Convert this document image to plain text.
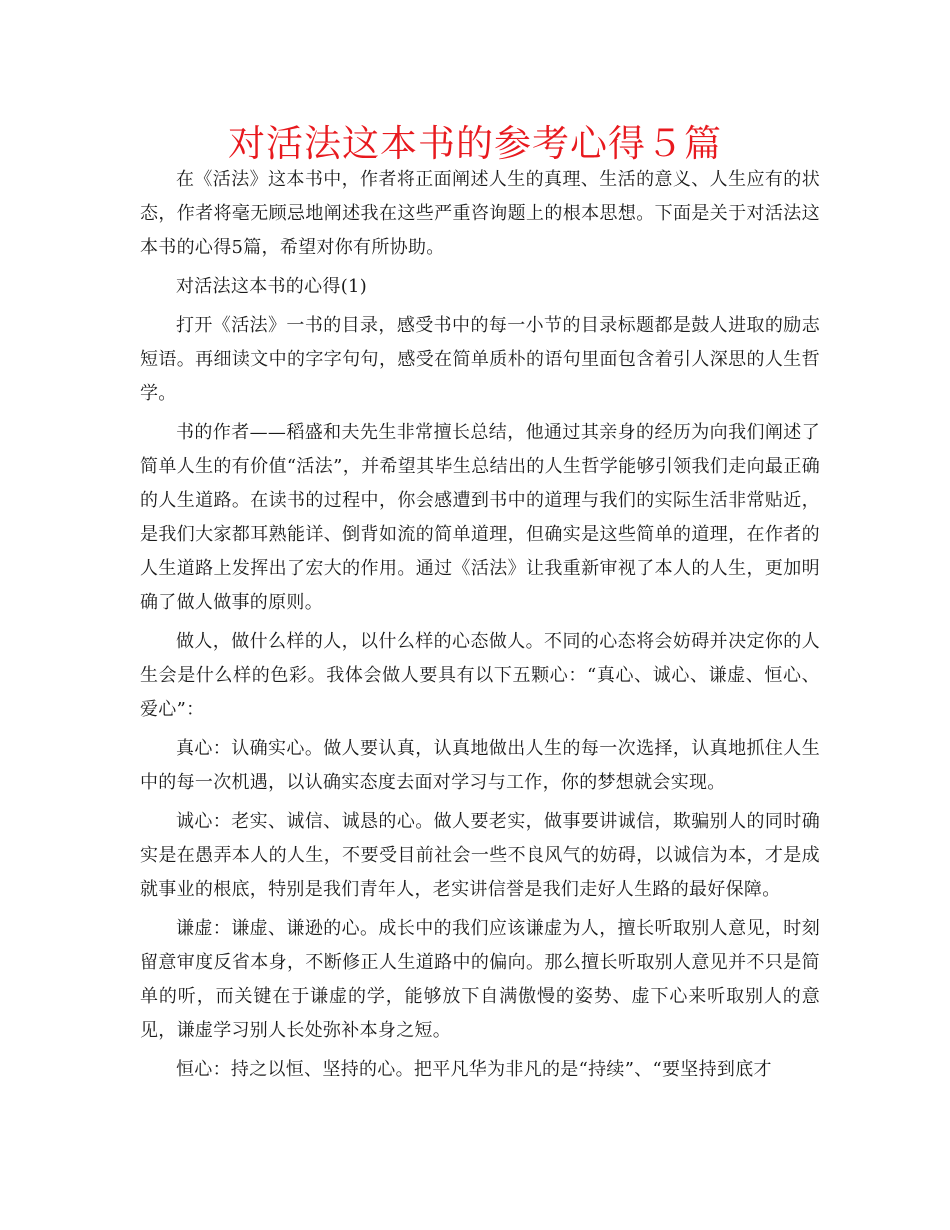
对活法这本书的参考心得５篇

在《活法》这本书中，作者将正面阐述人生的真理、生活的意义、人生应有的状态，作者将毫无顾忌地阐述我在这些严重咨询题上的根本思想。下面是关于对活法这本书的心得5篇，希望对你有所协助。

对活法这本书的心得(1)

打开《活法》一书的目录，感受书中的每一小节的目录标题都是鼓人进取的励志短语。再细读文中的字字句句，感受在简单质朴的语句里面包含着引人深思的人生哲学。

书的作者——稻盛和夫先生非常擅长总结，他通过其亲身的经历为向我们阐述了简单人生的有价值“活法”，并希望其毕生总结出的人生哲学能够引领我们走向最正确的人生道路。在读书的过程中，你会感遭到书中的道理与我们的实际生活非常贴近，是我们大家都耳熟能详、倒背如流的简单道理，但确实是这些简单的道理，在作者的人生道路上发挥出了宏大的作用。通过《活法》让我重新审视了本人的人生，更加明确了做人做事的原则。

做人，做什么样的人，以什么样的心态做人。不同的心态将会妨碍并决定你的人生会是什么样的色彩。我体会做人要具有以下五颗心：“真心、诚心、谦虚、恒心、爱心”：

真心：认确实心。做人要认真，认真地做出人生的每一次选择，认真地抓住人生中的每一次机遇，以认确实态度去面对学习与工作，你的梦想就会实现。

诚心：老实、诚信、诚恳的心。做人要老实，做事要讲诚信，欺骗别人的同时确实是在愚弄本人的人生，不要受目前社会一些不良风气的妨碍，以诚信为本，才是成就事业的根底，特别是我们青年人，老实讲信誉是我们走好人生路的最好保障。

谦虚：谦虚、谦逊的心。成长中的我们应该谦虚为人，擅长听取别人意见，时刻留意审度反省本身，不断修正人生道路中的偏向。那么擅长听取别人意见并不只是简单的听，而关键在于谦虚的学，能够放下自满傲慢的姿势、虚下心来听取别人的意见，谦虚学习别人长处弥补本身之短。

恒心：持之以恒、坚持的心。把平凡华为非凡的是“持续”、“要坚持到底才
